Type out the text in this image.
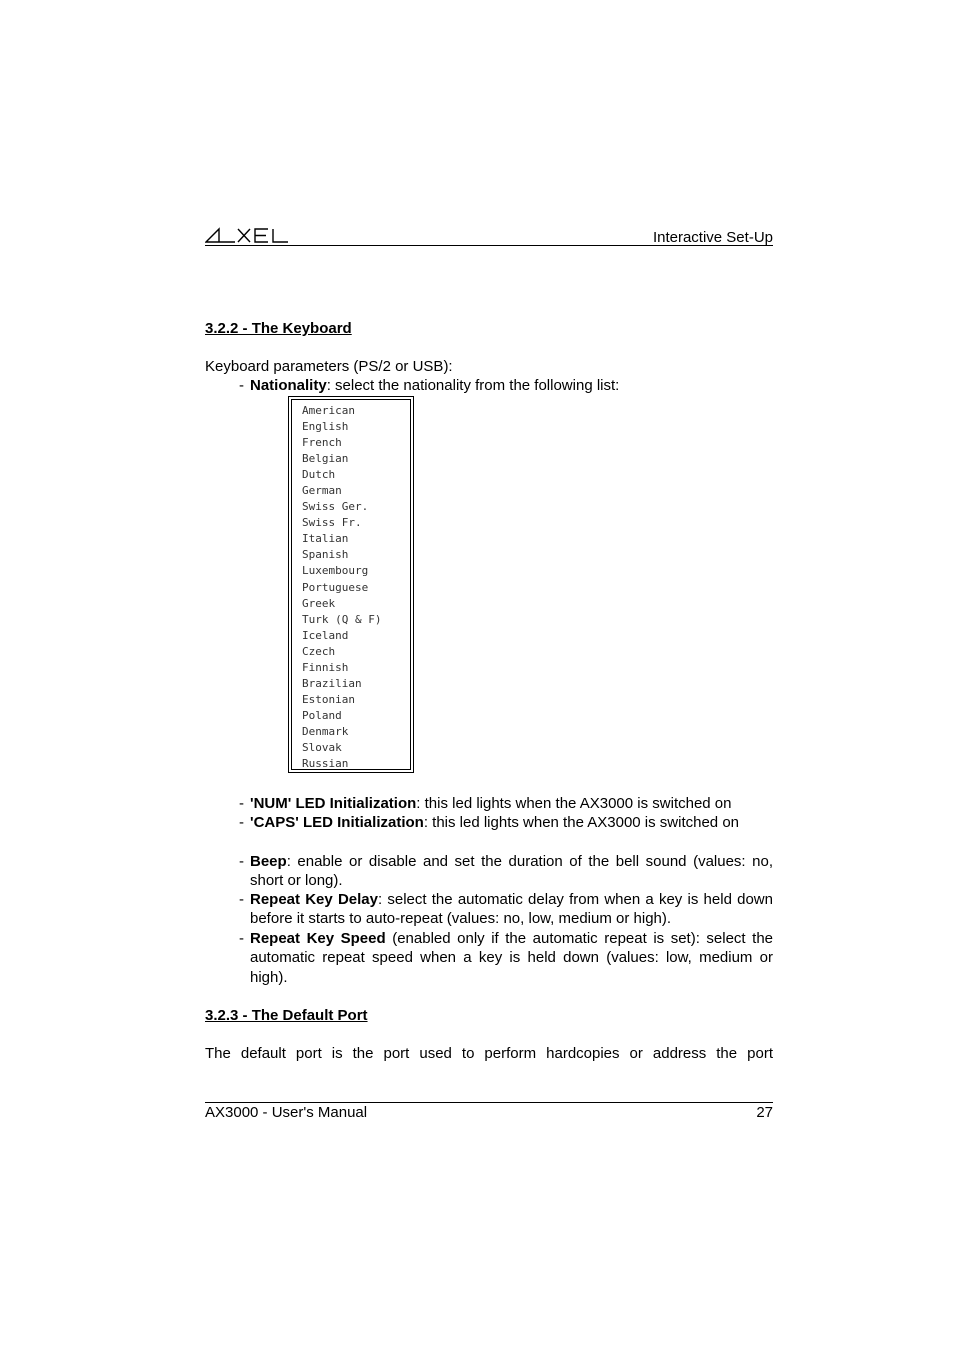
Interactive Set-Up
3.2.2 - The Keyboard
Keyboard parameters (PS/2 or USB):
- Nationality: select the nationality from the following list:
American
English
French
Belgian
Dutch
German
Swiss Ger.
Swiss Fr.
Italian
Spanish
Luxembourg
Portuguese
Greek
Turk (Q & F)
Iceland
Czech
Finnish
Brazilian
Estonian
Poland
Denmark
Slovak
Russian
- 'NUM' LED Initialization: this led lights when the AX3000 is switched on
- 'CAPS' LED Initialization: this led lights when the AX3000 is switched on
- Beep: enable or disable and set the duration of the bell sound (values: no, short or long).
- Repeat Key Delay: select the automatic delay from when a key is held down before it starts to auto-repeat (values: no, low, medium or high).
- Repeat Key Speed (enabled only if the automatic repeat is set): select the automatic repeat speed when a key is held down (values: low, medium or high).
3.2.3 - The Default Port
The default port is the port used to perform hardcopies or address the port
AX3000 - User's Manual	27
